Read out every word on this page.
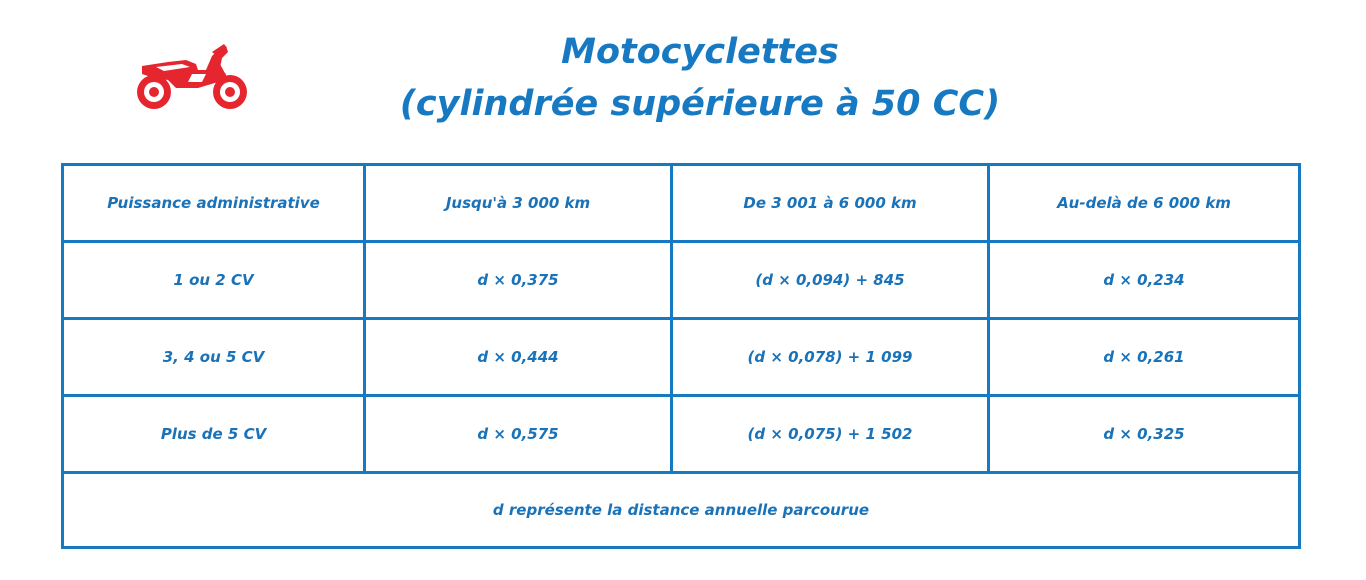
Motocyclettes
(cylindrée supérieure à 50 CC)
Puissance administrative	Jusqu'à 3 000 km	De 3 001 à 6 000 km	Au-delà de 6 000 km
1 ou 2 CV	d × 0,375	(d × 0,094) + 845	d × 0,234
3, 4 ou 5 CV	d × 0,444	(d × 0,078) + 1 099	d × 0,261
Plus de 5 CV	d × 0,575	(d × 0,075) + 1 502	d × 0,325
d représente la distance annuelle parcourue			
